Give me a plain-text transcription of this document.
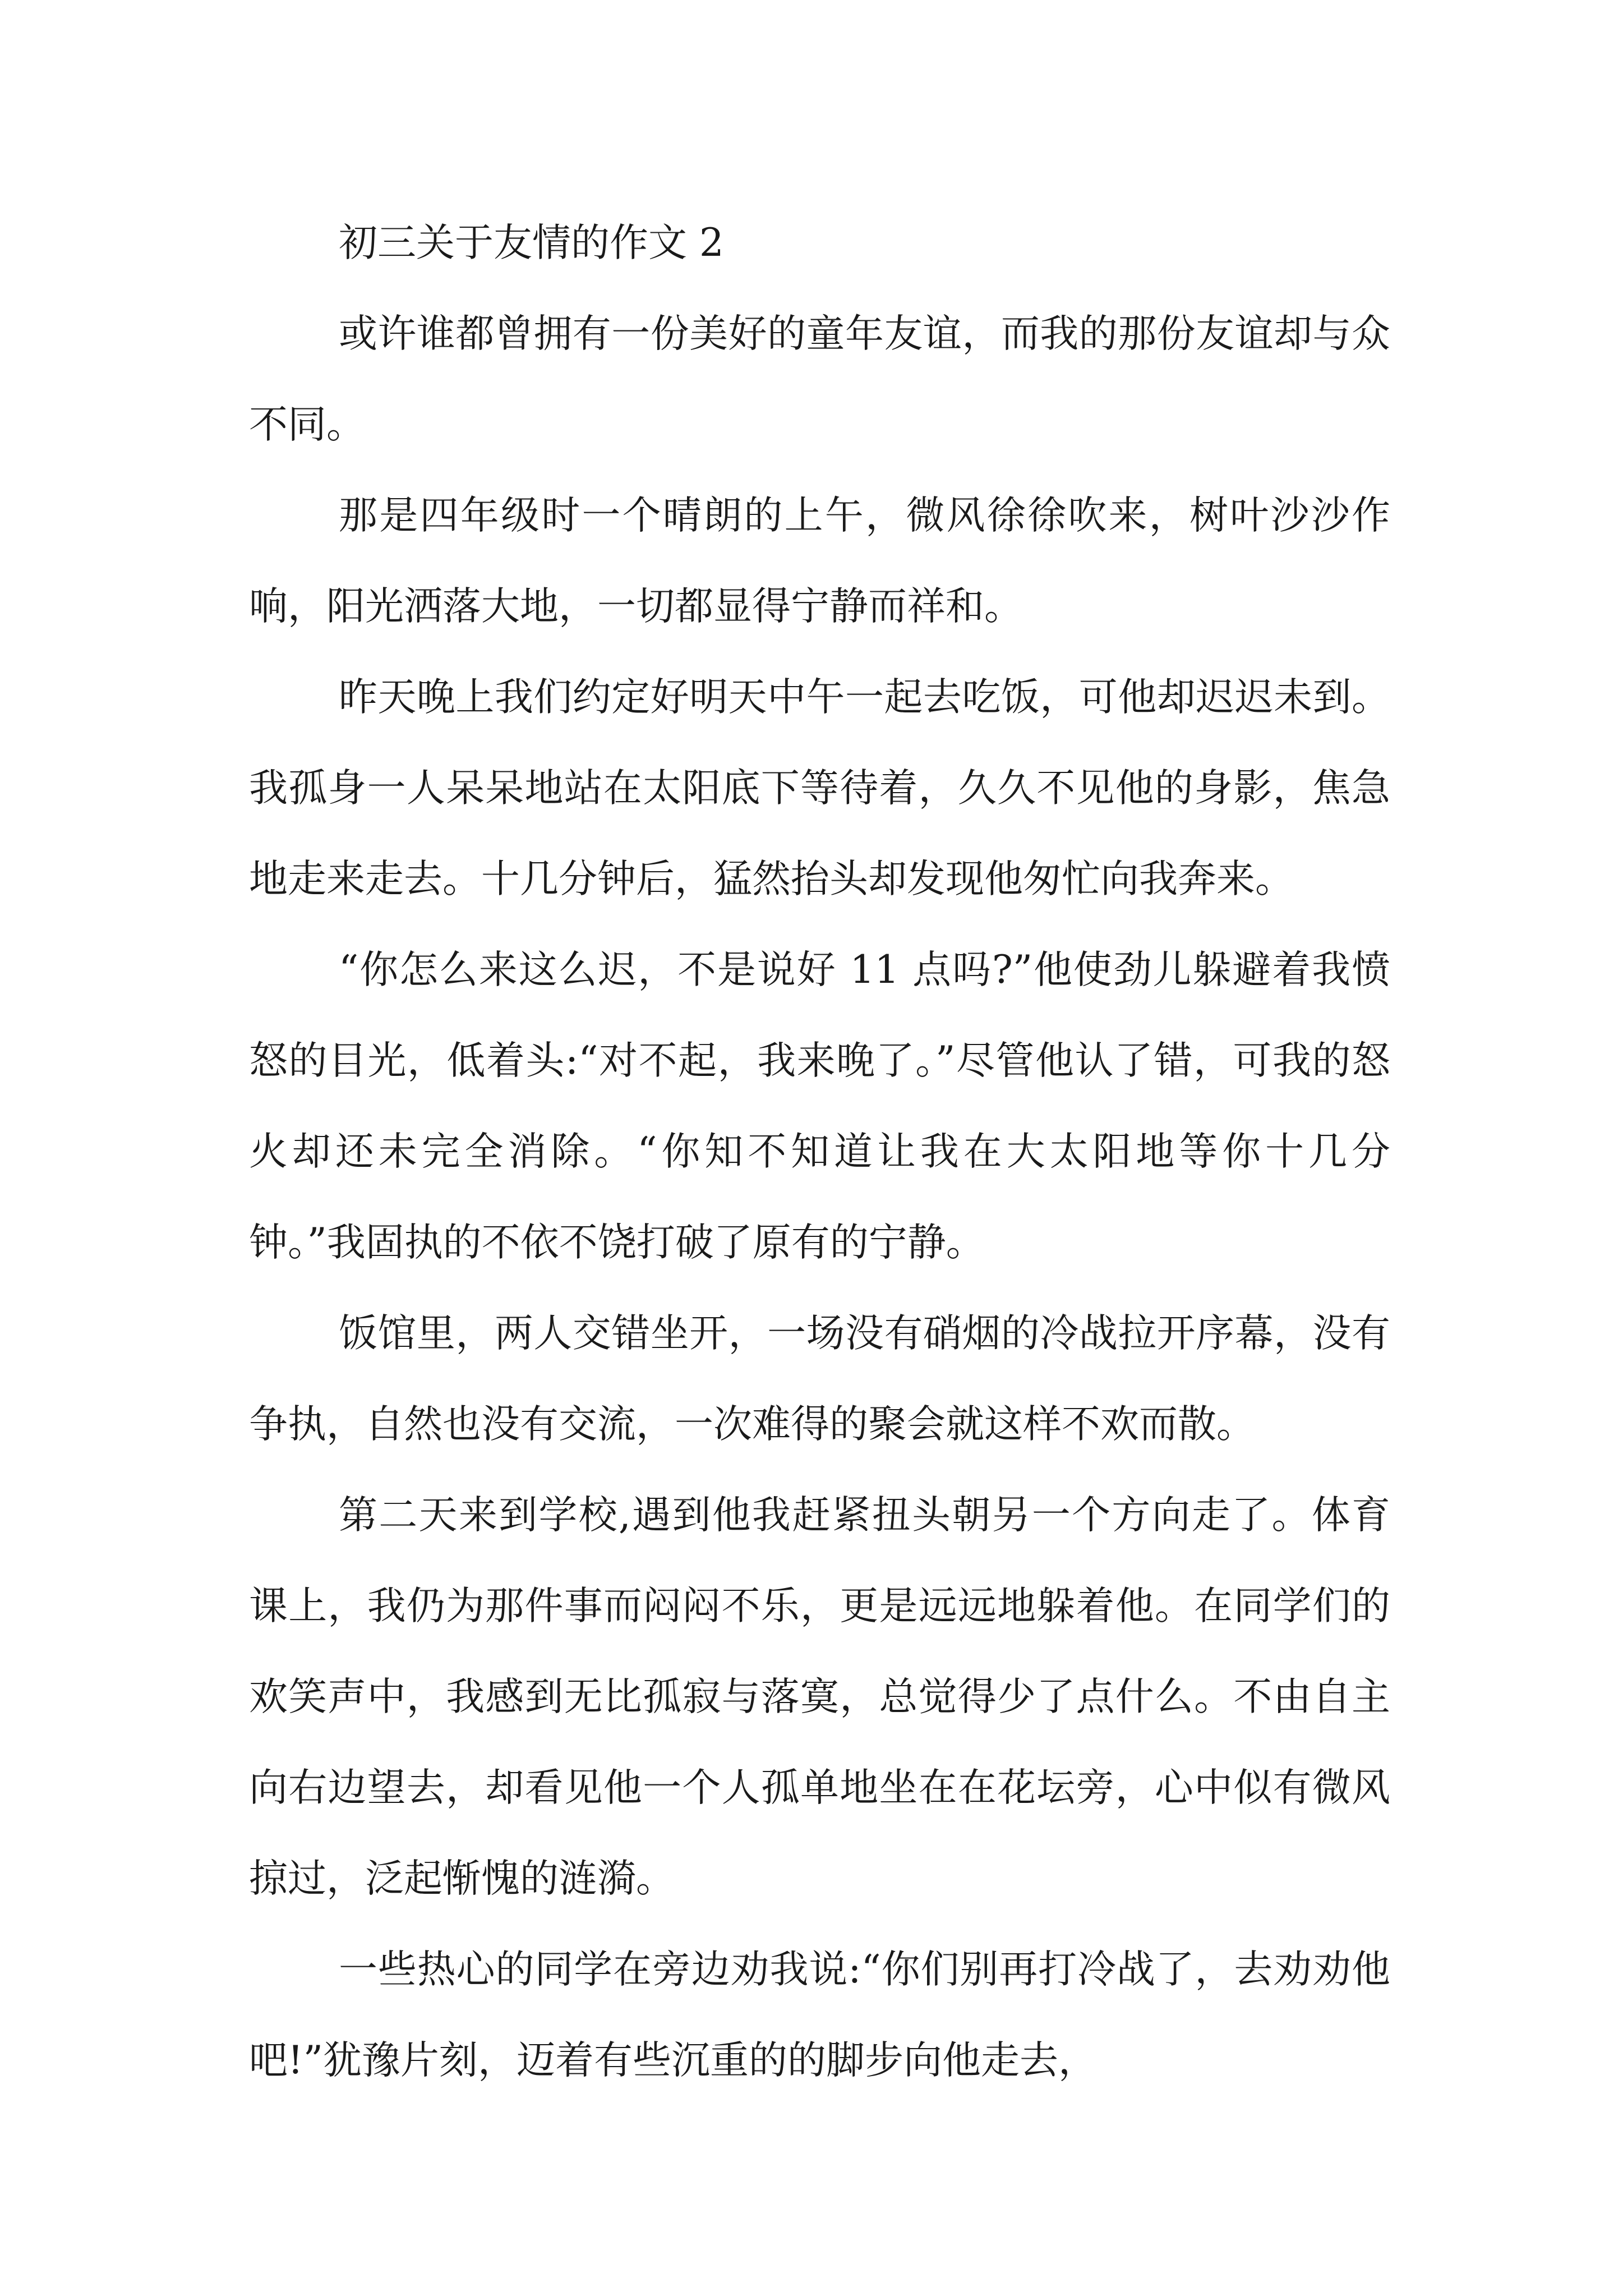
初三关于友情的作文 2

或许谁都曾拥有一份美好的童年友谊，而我的那份友谊却与众不同。

那是四年级时一个晴朗的上午，微风徐徐吹来，树叶沙沙作响，阳光洒落大地，一切都显得宁静而祥和。

昨天晚上我们约定好明天中午一起去吃饭，可他却迟迟未到。我孤身一人呆呆地站在太阳底下等待着，久久不见他的身影，焦急地走来走去。十几分钟后，猛然抬头却发现他匆忙向我奔来。

“你怎么来这么迟，不是说好 11 点吗?”他使劲儿躲避着我愤怒的目光，低着头:“对不起，我来晚了。”尽管他认了错，可我的怒火却还未完全消除。“你知不知道让我在大太阳地等你十几分钟。”我固执的不依不饶打破了原有的宁静。

饭馆里，两人交错坐开，一场没有硝烟的冷战拉开序幕，没有争执，自然也没有交流，一次难得的聚会就这样不欢而散。

第二天来到学校,遇到他我赶紧扭头朝另一个方向走了。体育课上，我仍为那件事而闷闷不乐，更是远远地躲着他。在同学们的欢笑声中，我感到无比孤寂与落寞，总觉得少了点什么。不由自主向右边望去，却看见他一个人孤单地坐在在花坛旁，心中似有微风掠过，泛起惭愧的涟漪。

一些热心的同学在旁边劝我说:“你们别再打冷战了，去劝劝他吧!”犹豫片刻，迈着有些沉重的的脚步向他走去，
